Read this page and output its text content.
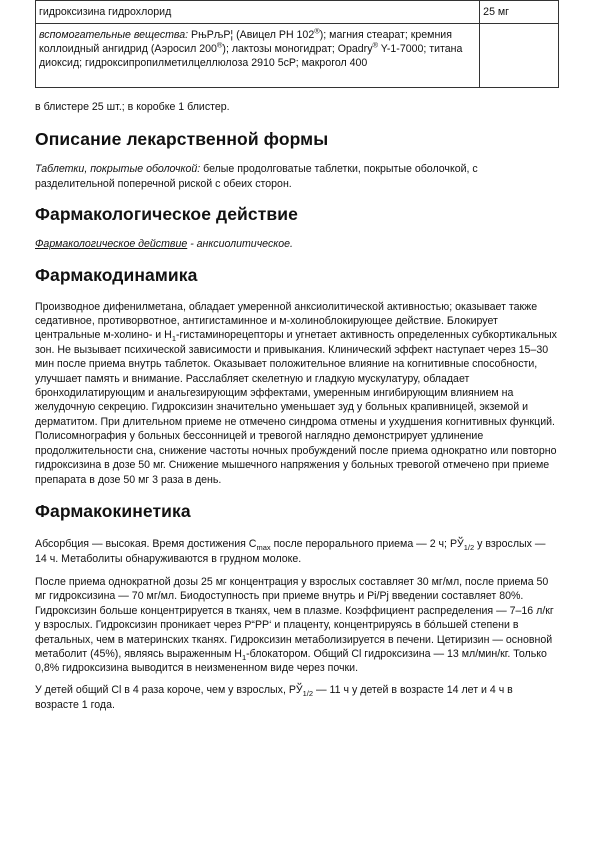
гидроксизина гидрохлорид	25 мг
вспомогательные вещества: РњРљР¦ (Авицел PH 102®); магния стеарат; кремния коллоидный ангидрид (Аэросил 200®); лактозы моногидрат; Opadry® Y-1-7000; титана диоксид; гидроксипропилметилцеллюлоза 2910 5сР; макрогол 400	

в блистере 25 шт.; в коробке 1 блистер.

Описание лекарственной формы

Таблетки, покрытые оболочкой: белые продолговатые таблетки, покрытые оболочкой, с разделительной поперечной риской с обеих сторон.

Фармакологическое действие

Фармакологическое действие - анксиолитическое.

Фармакодинамика

Производное дифенилметана, обладает умеренной анксиолитической активностью; оказывает также седативное, противорвотное, антигистаминное и м-холиноблокирующее действие. Блокирует центральные м-холино- и $Н_1$-гистаминорецепторы и угнетает активность определенных субкортикальных зон. Не вызывает психической зависимости и привыкания. Клинический эффект наступает через 15–30 мин после приема внутрь таблеток. Оказывает положительное влияние на когнитивные способности, улучшает память и внимание. Расслабляет скелетную и гладкую мускулатуру, обладает бронходилатирующим и анальгезирующим эффектами, умеренным ингибирующим влиянием на желудочную секрецию. Гидроксизин значительно уменьшает зуд у больных крапивницей, экземой и дерматитом. При длительном приеме не отмечено синдрома отмены и ухудшения когнитивных функций. Полисомнография у больных бессонницей и тревогой наглядно демонстрирует удлинение продолжительности сна, снижение частоты ночных пробуждений после приема однократно или повторно гидроксизина в дозе 50 мг. Снижение мышечного напряжения у больных тревогой отмечено при приеме препарата в дозе 50 мг 3 раза в день.

Фармакокинетика

Абсорбция — высокая. Время достижения $C_{max}$ после перорального приема — 2 ч; $РЎ_{1/2}$ у взрослых — 14 ч. Метаболиты обнаруживаются в грудном молоке.

После приема однократной дозы 25 мг концентрация у взрослых составляет 30 мг/мл, после приема 50 мг гидроксизина — 70 мг/мл. Биодоступность при приеме внутрь и Рі/Рј введении составляет 80%. Гидроксизин больше концентрируется в тканях, чем в плазме. Коэффициент распределения — 7–16 л/кг у взрослых. Гидроксизин проникает через Р“РР‘ и плаценту, концентрируясь в бо́льшей степени в фетальных, чем в материнских тканях. Гидроксизин метаболизируется в печени. Цетиризин — основной метаболит (45%), являясь выраженным $Н_1$-блокатором. Общий Cl гидроксизина — 13 мл/мин/кг. Только 0,8% гидроксизина выводится в неизмененном виде через почки.

У детей общий Cl в 4 раза короче, чем у взрослых, $РЎ_{1/2}$ — 11 ч у детей в возрасте 14 лет и 4 ч в возрасте 1 года.
